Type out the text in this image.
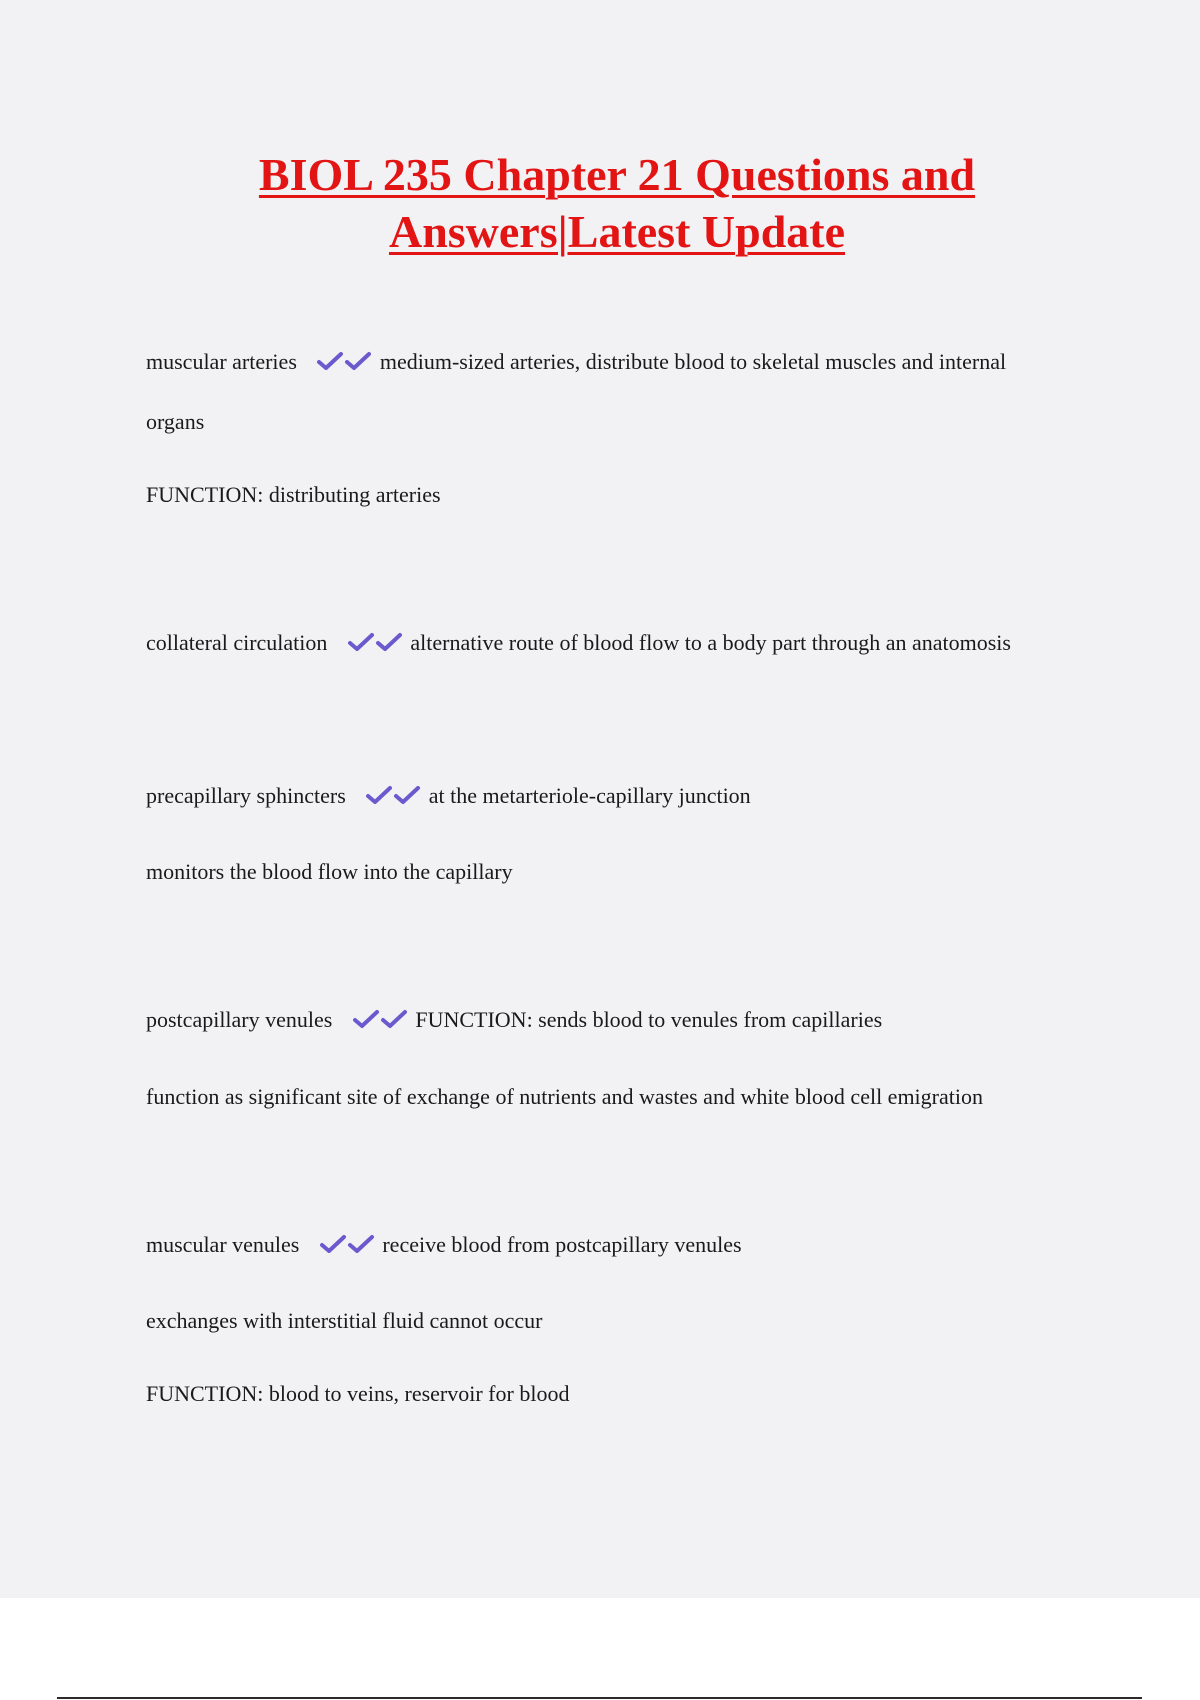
BIOL 235 Chapter 21 Questions and
Answers|Latest Update
muscular arteries	medium-sized arteries, distribute blood to skeletal muscles and internal
organs
FUNCTION: distributing arteries
collateral circulation	alternative route of blood flow to a body part through an anatomosis
precapillary sphincters	at the metarteriole-capillary junction
monitors the blood flow into the capillary
postcapillary venules	FUNCTION: sends blood to venules from capillaries
function as significant site of exchange of nutrients and wastes and white blood cell emigration
muscular venules	receive blood from postcapillary venules
exchanges with interstitial fluid cannot occur
FUNCTION: blood to veins, reservoir for blood
